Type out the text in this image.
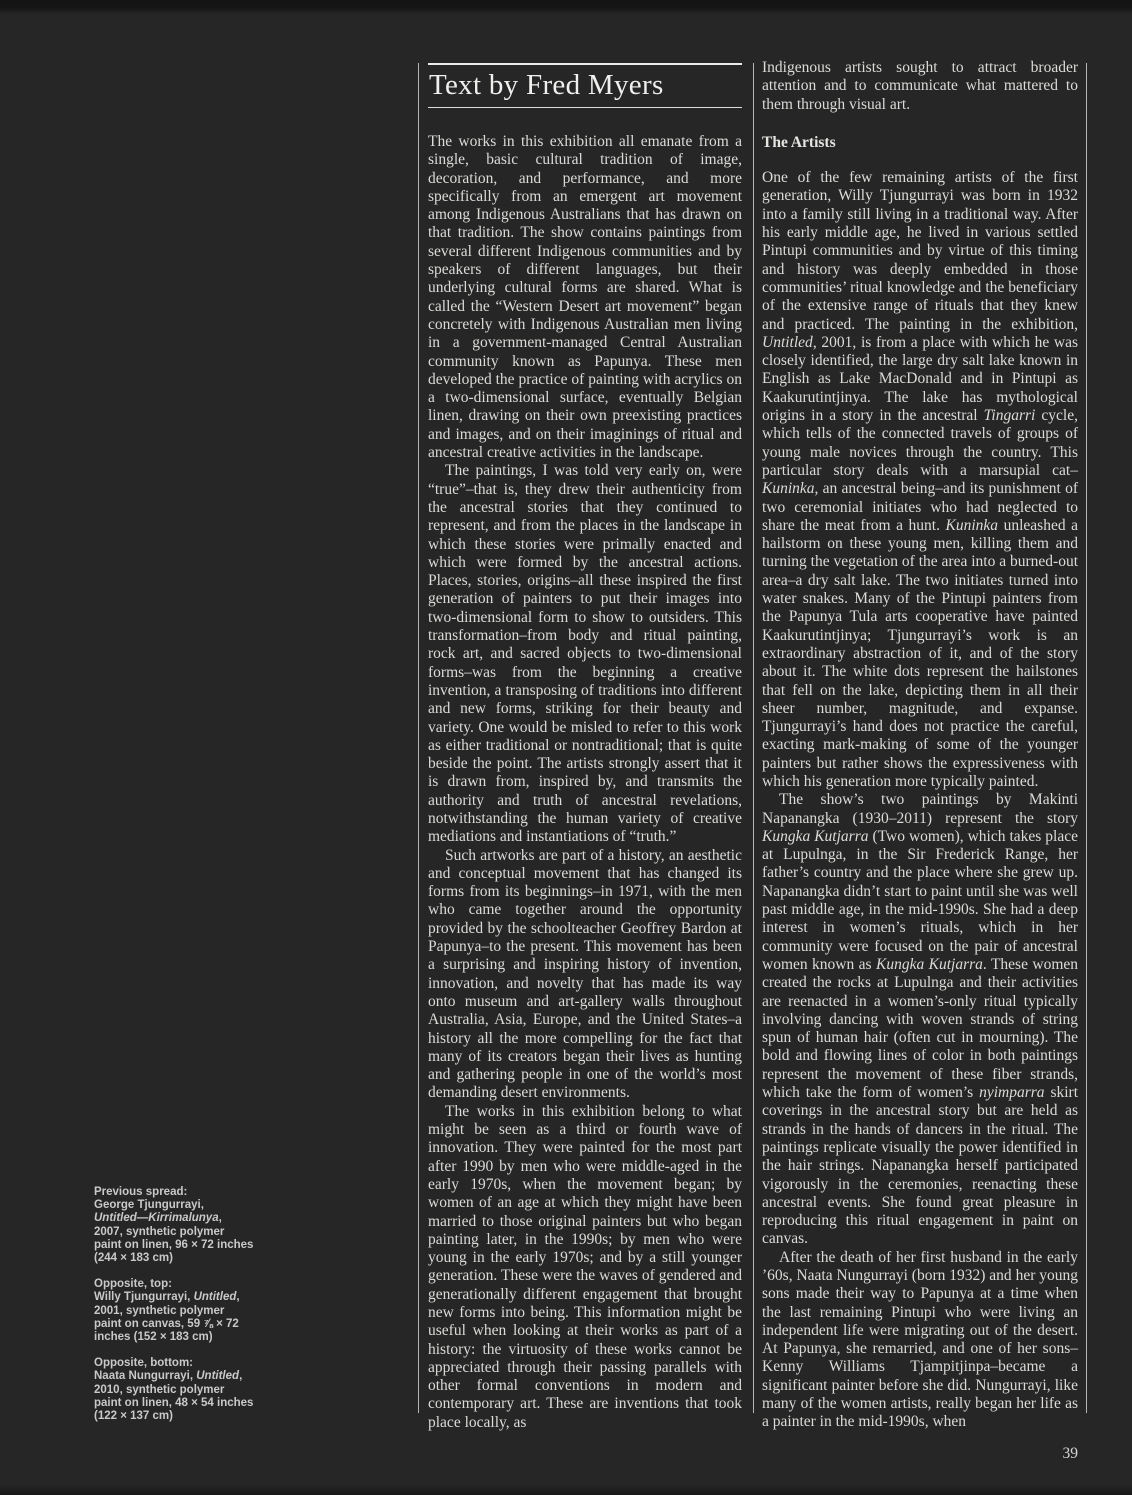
Previous spread:
George Tjungurrayi,
Untitled—Kirrimalunya,
2007, synthetic polymer
paint on linen, 96 × 72 inches
(244 × 183 cm)
Opposite, top:
Willy Tjungurrayi, Untitled,
2001, synthetic polymer
paint on canvas, 59 ⅞ × 72
inches (152 × 183 cm)
Opposite, bottom:
Naata Nungurrayi, Untitled,
2010, synthetic polymer
paint on linen, 48 × 54 inches
(122 × 137 cm)
Text by Fred Myers

The works in this exhibition all emanate from a single, basic cultural tradition of image, decoration, and performance, and more specifically from an emergent art movement among Indigenous Australians that has drawn on that tradition. The show contains paintings from several different Indigenous communities and by speakers of different languages, but their underlying cultural forms are shared. What is called the “Western Desert art movement” began concretely with Indigenous Australian men living in a government-managed Central Australian community known as Papunya. These men developed the practice of painting with acrylics on a two-dimensional surface, eventually Belgian linen, drawing on their own preexisting practices and images, and on their imaginings of ritual and ancestral creative activities in the landscape.

The paintings, I was told very early on, were “true”–that is, they drew their authenticity from the ancestral stories that they continued to represent, and from the places in the landscape in which these stories were primally enacted and which were formed by the ancestral actions. Places, stories, origins–all these inspired the first generation of painters to put their images into two-dimensional form to show to outsiders. This transformation–from body and ritual painting, rock art, and sacred objects to two-dimensional forms–was from the beginning a creative invention, a transposing of traditions into different and new forms, striking for their beauty and variety. One would be misled to refer to this work as either traditional or nontraditional; that is quite beside the point. The artists strongly assert that it is drawn from, inspired by, and transmits the authority and truth of ancestral revelations, notwithstanding the human variety of creative mediations and instantiations of “truth.”

Such artworks are part of a history, an aesthetic and conceptual movement that has changed its forms from its beginnings–in 1971, with the men who came together around the opportunity provided by the schoolteacher Geoffrey Bardon at Papunya–to the present. This movement has been a surprising and inspiring history of invention, innovation, and novelty that has made its way onto museum and art-gallery walls throughout Australia, Asia, Europe, and the United States–a history all the more compelling for the fact that many of its creators began their lives as hunting and gathering people in one of the world’s most demanding desert environments.

The works in this exhibition belong to what might be seen as a third or fourth wave of innovation. They were painted for the most part after 1990 by men who were middle-aged in the early 1970s, when the movement began; by women of an age at which they might have been married to those original painters but who began painting later, in the 1990s; by men who were young in the early 1970s; and by a still younger generation. These were the waves of gendered and generationally different engagement that brought new forms into being. This information might be useful when looking at their works as part of a history: the virtuosity of these works cannot be appreciated through their passing parallels with other formal conventions in modern and contemporary art. These are inventions that took place locally, as

Indigenous artists sought to attract broader attention and to communicate what mattered to them through visual art.

The Artists

One of the few remaining artists of the first generation, Willy Tjungurrayi was born in 1932 into a family still living in a traditional way. After his early middle age, he lived in various settled Pintupi communities and by virtue of this timing and history was deeply embedded in those communities’ ritual knowledge and the beneficiary of the extensive range of rituals that they knew and practiced. The painting in the exhibition, Untitled, 2001, is from a place with which he was closely identified, the large dry salt lake known in English as Lake MacDonald and in Pintupi as Kaakurutintjinya. The lake has mythological origins in a story in the ancestral Tingarri cycle, which tells of the connected travels of groups of young male novices through the country. This particular story deals with a marsupial cat–Kuninka, an ancestral being–and its punishment of two ceremonial initiates who had neglected to share the meat from a hunt. Kuninka unleashed a hailstorm on these young men, killing them and turning the vegetation of the area into a burned-out area–a dry salt lake. The two initiates turned into water snakes. Many of the Pintupi painters from the Papunya Tula arts cooperative have painted Kaakurutintjinya; Tjungurrayi’s work is an extraordinary abstraction of it, and of the story about it. The white dots represent the hailstones that fell on the lake, depicting them in all their sheer number, magnitude, and expanse. Tjungurrayi’s hand does not practice the careful, exacting mark-making of some of the younger painters but rather shows the expressiveness with which his generation more typically painted.

The show’s two paintings by Makinti Napanangka (1930–2011) represent the story Kungka Kutjarra (Two women), which takes place at Lupulnga, in the Sir Frederick Range, her father’s country and the place where she grew up. Napanangka didn’t start to paint until she was well past middle age, in the mid-1990s. She had a deep interest in women’s rituals, which in her community were focused on the pair of ancestral women known as Kungka Kutjarra. These women created the rocks at Lupulnga and their activities are reenacted in a women’s-only ritual typically involving dancing with woven strands of string spun of human hair (often cut in mourning). The bold and flowing lines of color in both paintings represent the movement of these fiber strands, which take the form of women’s nyimparra skirt coverings in the ancestral story but are held as strands in the hands of dancers in the ritual. The paintings replicate visually the power identified in the hair strings. Napanangka herself participated vigorously in the ceremonies, reenacting these ancestral events. She found great pleasure in reproducing this ritual engagement in paint on canvas.

After the death of her first husband in the early ’60s, Naata Nungurrayi (born 1932) and her young sons made their way to Papunya at a time when the last remaining Pintupi who were living an independent life were migrating out of the desert. At Papunya, she remarried, and one of her sons–Kenny Williams Tjampitjinpa–became a significant painter before she did. Nungurrayi, like many of the women artists, really began her life as a painter in the mid-1990s, when

39
